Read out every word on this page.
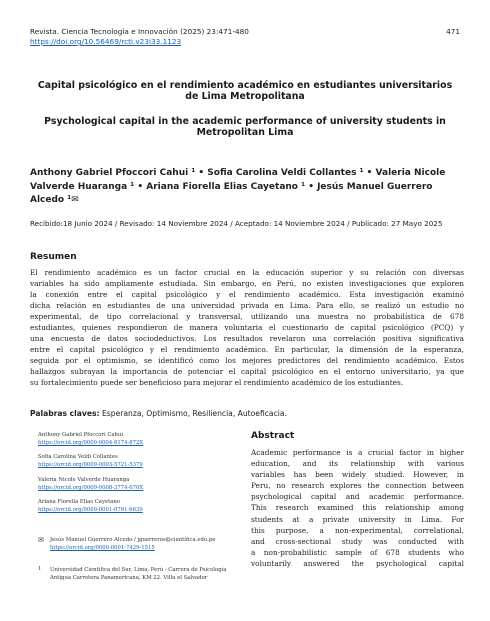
Revista. Ciencia Tecnología e Innovación (2025) 23:471-480
https://doi.org/10.56469/rcti.v23i33.1123
471
Capital psicológico en el rendimiento académico en estudiantes universitarios de Lima Metropolitana
Psychological capital in the academic performance of university students in Metropolitan Lima
Anthony Gabriel Pfoccori Cahui ¹ • Sofia Carolina Veldi Collantes ¹ • Valeria Nicole
Valverde Huaranga ¹ • Ariana Fiorella Elias Cayetano ¹ • Jesús Manuel Guerrero
Alcedo ¹✉
Recibido:18 Junio 2024 / Revisado: 14 Noviembre 2024 / Aceptado: 14 Noviembre 2024 / Publicado: 27 Mayo 2025
Resumen
El rendimiento académico es un factor crucial en la educación superior y su relación con diversas
variables ha sido ampliamente estudiada. Sin embargo, en Perú, no existen investigaciones que exploren
la conexión entre el capital psicológico y el rendimiento académico. Esta investigación examinó
dicha relación en estudiantes de una universidad privada en Lima. Para ello, se realizó un estudio no
experimental, de tipo correlacional y transversal, utilizando una muestra no probabilística de 678
estudiantes, quienes respondieron de manera voluntaria el cuestionario de capital psicológico (PCQ) y
una encuesta de datos sociodeductivos. Los resultados revelaron una correlación positiva significativa
entre el capital psicológico y el rendimiento académico. En particular, la dimensión de la esperanza,
seguida por el optimismo, se identificó como los mejores predictores del rendimiento académico. Estos
hallazgos subrayan la importancia de potenciar el capital psicológico en el entorno universitario, ya que
su fortalecimiento puede ser beneficioso para mejorar el rendimiento académico de los estudiantes.
Palabras claves: Esperanza, Optimismo, Resiliencia, Autoeficacia.
Anthony Gabriel Pfoccori Cahui
https://orcid.org/0009-0004-8174-872X
Sofia Carolina Veldi Collantes
https://orcid.org/0009-0003-5721-5379
Valeria Nicole Valverde Huaranga
https://orcid.org/0009-0008-3774-670X
Ariana Fiorella Elias Cayetano
https://orcid.org/0009-0001-0761-6639
✉ Jesús Manuel Guerrero Alcedo / jguerreros@científica.edu.pe
https://orcid.org/0000-0001-7429-1515
1 Universidad Científica del Sur, Lima, Perú - Carrera de Psicología
Antigua Carretera Panamericana, KM 22. Villa el Salvador
Abstract
Academic performance is a crucial factor in higher
education, and its relationship with various
variables has been widely studied. However, in
Peru, no research explores the connection between
psychological capital and academic performance.
This research examined this relationship among
students at a private university in Lima. For
this purpose, a non-experimental, correlational,
and cross-sectional study was conducted with
a non-probabilistic sample of 678 students who
voluntarily answered the psychological capital
